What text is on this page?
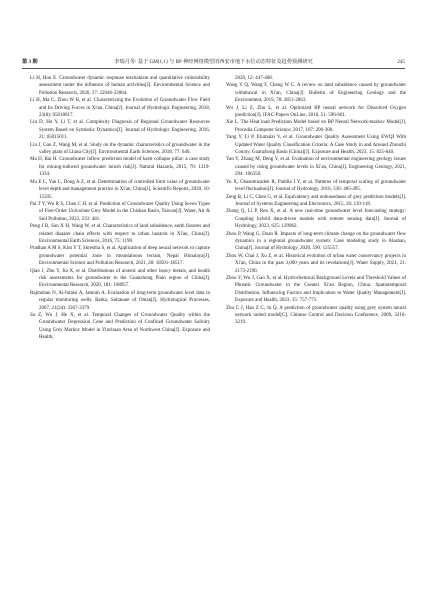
第 3 期	李瑞月等: 基于 GM(1,1) 与 BP 神经网络模型的西安市地下水位动态特征及趋势预测研究	245

Li H, Hou E. Groundwater dynamic response mechanism and quantitative vulnerability assessment under the influence of human activities[J]. Environmental Science and Pollution Research, 2020, 27: 22046-22064.

Li H, Ma C, Zhou W B, et al. Characterizing the Evolution of Groundwater Flow Field and Its Driving Forces in Xi'an, China[J]. Journal of Hydrologic Engineering, 2018, 23(8): 05018017.

Lin D, Hu Y, Li T, et al. Complexity Diagnosis of Regional Groundwater Resources System Based on Symbolic Dynamics[J]. Journal of Hydrologic Engineering, 2016, 21: 05015011.

Liu J, Gao Z, Wang M, et al. Study on the dynamic characteristics of groundwater in the valley plain of Lhasa City[J]. Environmental Earth Sciences, 2018, 77: 646.

Ma D, Bai H. Groundwater inflow prediction model of karst collapse pillar: a case study for mining-induced groundwater inrush risk[J]. Natural Hazards, 2015, 76: 1319-1334.

Mu E L, Yan L, Dong A Z, et al. Determination of controlled limit value of groundwater level depth and management practice in Xi'an, China[J]. Scientific Reports, 2020, 10: 15505.

Pai T Y, Wu R S, Chen C H, et al. Prediction of Groundwater Quality Using Seven Types of First-Order Univariate Grey Model in the Chishan Basin, Taiwan[J]. Water, Air & Soil Pollution, 2022, 233: 481.

Peng J B, Sun X H, Wang W, et al. Characteristics of land subsidence, earth fissures and related disaster chain effects with respect to urban hazards in Xi'an, China[J]. Environmental Earth Sciences, 2016, 75: 1190.

Pradhan A M S, Kim Y T, Shrestha S, et al. Application of deep neural network to capture groundwater potential zone in mountainous terrain, Nepal Himalaya[J]. Environmental Science and Pollution Research, 2021, 28: 18501-18517.

Qiao J, Zhu Y, Jia X, et al. Distributions of arsenic and other heavy metals, and health risk assessments for groundwater in the Guanzhong Plain region of China[J]. Environmental Research, 2020, 181: 108957.

Rajmohan N, Al-futaisi A, Jamrah A. Evaluation of long-term groundwater level data in regular monitoring wells, Barka, Sultanate of Oman[J]. Hydrological Processes, 2007, 21(24): 3367-3379.

Su Z, Wu J, He X, et al. Temporal Changes of Groundwater Quality within the Groundwater Depression Cone and Prediction of Confined Groundwater Salinity Using Grey Markov Model in Yinchuan Area of Northwest China[J]. Exposure and Health,

2020, 12: 447-468.

Wang Y Q, Wang F, Cheng W C. A review on land subsidence caused by groundwater withdrawal in Xi'an, China[J]. Bulletin of Engineering Geology and the Environment, 2019, 78: 2851-2863.

Wu J, Li Z, Zhu L, et al. Optimized BP neural network for Dissolved Oxygen prediction[J]. IFAC-Papers OnLine, 2018, 51: 596-601.

Xie L. The Heat load Prediction Model based on BP Neural Network-markov Model[J]. Procedia Computer Science, 2017, 107: 296-300.

Yang Y, Li P, Elumalai V, et al. Groundwater Quality Assessment Using EWQI With Updated Water Quality Classification Criteria: A Case Study in and Around Zhouzhi County, Guanzhong Basin (China)[J]. Exposure and Health, 2023, 15: 825-840.

Yao Y, Zhang M, Deng Y, et al. Evaluation of environmental engineering geology issues caused by rising groundwater levels in Xi'an, China[J]. Engineering Geology, 2021, 294: 106350.

Yu X, Ghasemizadeh R, Padilla I Y, et al. Patterns of temporal scaling of groundwater level fluctuation[J]. Journal of Hydrology, 2016, 536: 485-495.

Zeng B, Li C, Chen G, et al. Equivalency and unbiasedness of grey prediction models[J]. Journal of Systems Engineering and Electronics, 2015, 26: 110-118.

Zhang Q, Li P, Ren X, et al. A new real-time groundwater level forecasting strategy: Coupling hybrid data-driven models with remote sensing data[J]. Journal of Hydrology, 2023, 625: 129962.

Zhou P, Wang G, Duan R. Impacts of long-term climate change on the groundwater flow dynamics in a regional groundwater system: Case modeling study in Alashan, China[J]. Journal of Hydrology, 2020, 590: 125557.

Zhou W, Chai J, Xu Z, et al. Historical evolution of urban water conservancy projects in Xi'an, China in the past 3,000 years and its revelations[J]. Water Supply, 2021, 21: 2173-2190.

Zhou Y, Wu J, Gao X, et al. Hydrochemical Background Levels and Threshold Values of Phreatic Groundwater in the Greater Xi'an Region, China: Spatiotemporal Distribution, Influencing Factors and Implication to Water Quality Management[J]. Exposure and Health, 2023, 15: 757-771.

Zhu C J, Hao Z C, Ju Q. A prediction of groundwater quality using grey system neural network united model[C]. Chinese Control and Decision Conference, 2009, 3216-3219.
